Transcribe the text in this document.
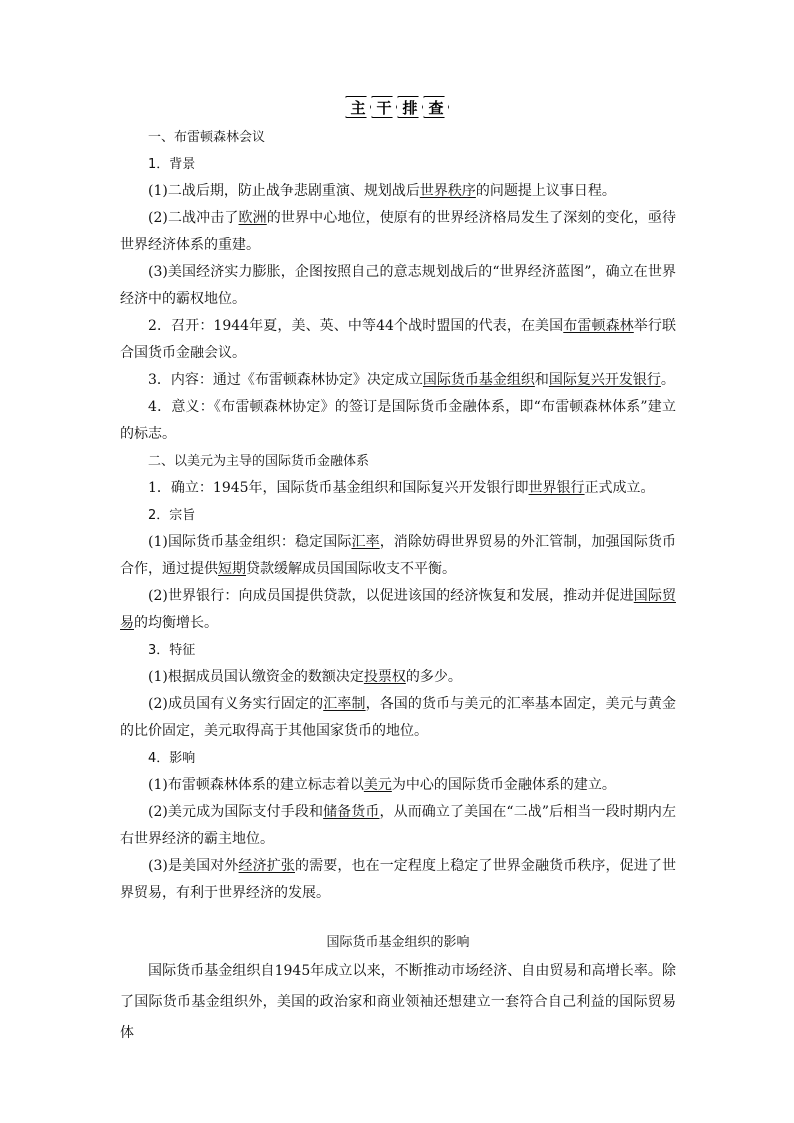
主 干 排 查

一、布雷顿森林会议

1．背景

(1)二战后期，防止战争悲剧重演、规划战后世界秩序的问题提上议事日程。

(2)二战冲击了欧洲的世界中心地位，使原有的世界经济格局发生了深刻的变化，亟待世界经济体系的重建。

(3)美国经济实力膨胀，企图按照自己的意志规划战后的“世界经济蓝图”，确立在世界经济中的霸权地位。

2．召开：1944年夏，美、英、中等44个战时盟国的代表，在美国布雷顿森林举行联合国货币金融会议。

3．内容：通过《布雷顿森林协定》决定成立国际货币基金组织和国际复兴开发银行。

4．意义：《布雷顿森林协定》的签订是国际货币金融体系，即“布雷顿森林体系”建立的标志。

二、以美元为主导的国际货币金融体系

1．确立：1945年，国际货币基金组织和国际复兴开发银行即世界银行正式成立。

2．宗旨

(1)国际货币基金组织：稳定国际汇率，消除妨碍世界贸易的外汇管制，加强国际货币合作，通过提供短期贷款缓解成员国国际收支不平衡。

(2)世界银行：向成员国提供贷款，以促进该国的经济恢复和发展，推动并促进国际贸易的均衡增长。

3．特征

(1)根据成员国认缴资金的数额决定投票权的多少。

(2)成员国有义务实行固定的汇率制，各国的货币与美元的汇率基本固定，美元与黄金的比价固定，美元取得高于其他国家货币的地位。

4．影响

(1)布雷顿森林体系的建立标志着以美元为中心的国际货币金融体系的建立。

(2)美元成为国际支付手段和储备货币，从而确立了美国在“二战”后相当一段时期内左右世界经济的霸主地位。

(3)是美国对外经济扩张的需要，也在一定程度上稳定了世界金融货币秩序，促进了世界贸易，有利于世界经济的发展。

国际货币基金组织的影响

国际货币基金组织自1945年成立以来，不断推动市场经济、自由贸易和高增长率。除了国际货币基金组织外，美国的政治家和商业领袖还想建立一套符合自己利益的国际贸易体
